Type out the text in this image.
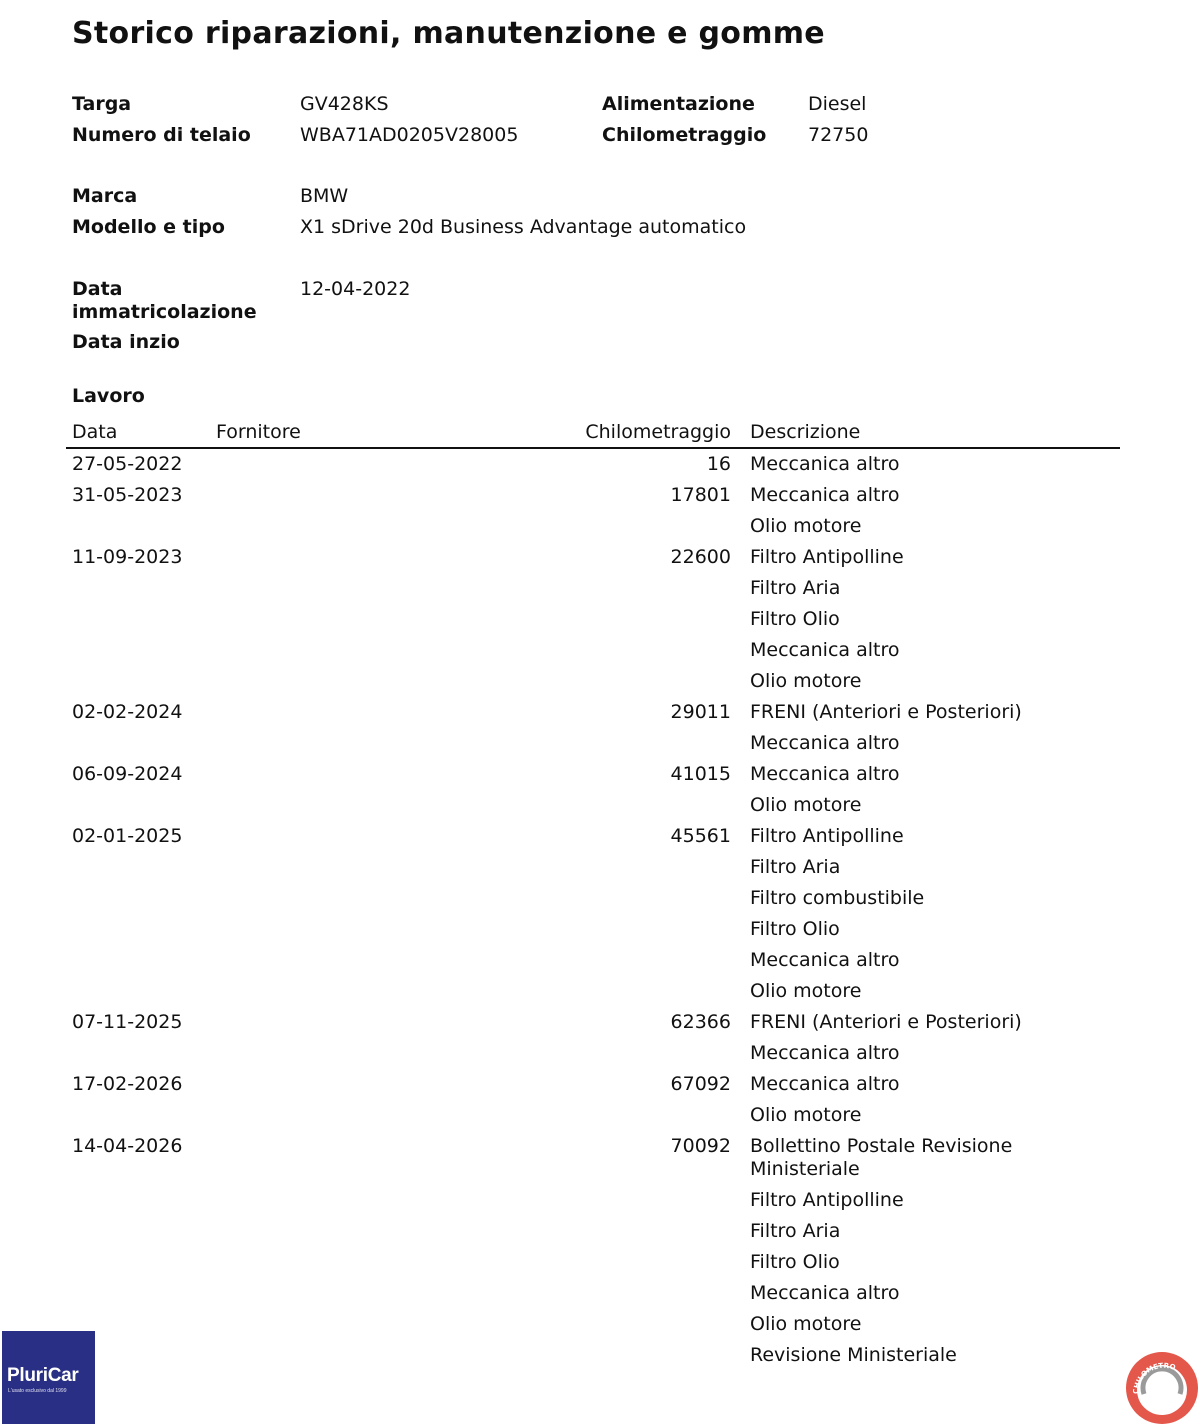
Storico riparazioni, manutenzione e gomme
Targa	GV428KS
Numero di telaio	WBA71AD0205V28005
Alimentazione	Diesel
Chilometraggio 72750
Marca	BMW
Modello e tipo	X1 sDrive 20d Business Advantage automatico
Data immatricolazione
12-04-2022
Data inzio
Lavoro
Data	Fornitore	Chilometraggio Descrizione
27-05-2022	16 Meccanica altro
31-05-2023	17801 Meccanica altro
Olio motore
11-09-2023	22600 Filtro Antipolline
Filtro Aria
Filtro Olio
Meccanica altro
Olio motore
02-02-2024	29011 FRENI (Anteriori e Posteriori)
Meccanica altro
06-09-2024	41015 Meccanica altro
Olio motore
02-01-2025	45561 Filtro Antipolline
Filtro Aria
Filtro combustibile
Filtro Olio
Meccanica altro
Olio motore
07-11-2025	62366 FRENI (Anteriori e Posteriori)
Meccanica altro
17-02-2026	67092 Meccanica altro
Olio motore
14-04-2026	70092 Bollettino Postale Revisione Ministeriale
Filtro Antipolline
Filtro Aria
Filtro Olio
Meccanica altro
Olio motore
Revisione Ministeriale
PluriCar
L'usato esclusivo dal 1999	CHILOMETRO
